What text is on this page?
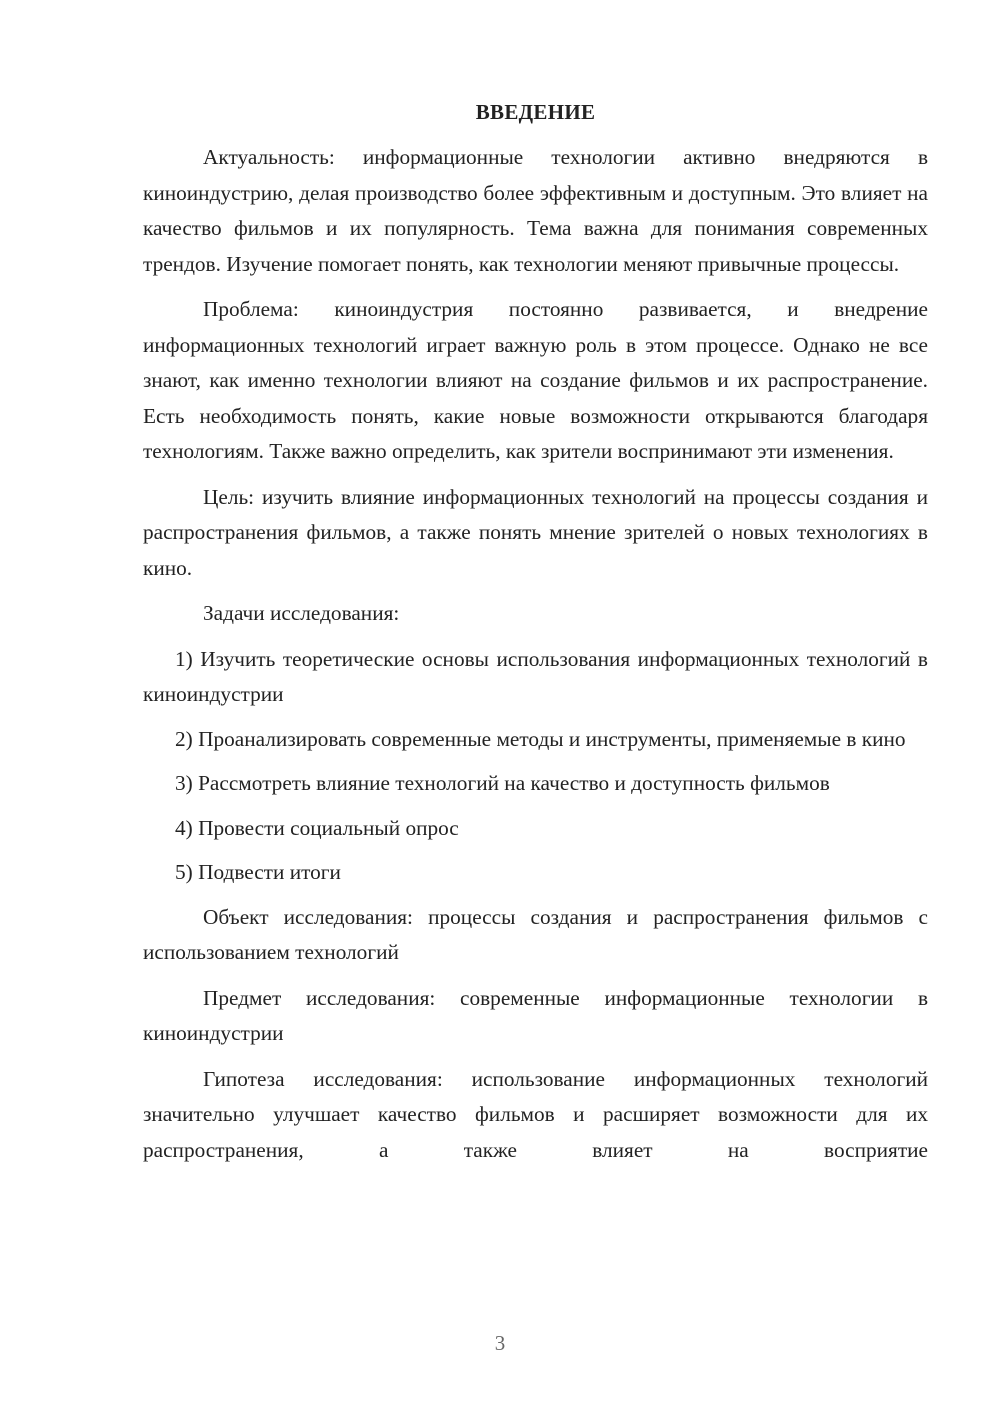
ВВЕДЕНИЕ

Актуальность: информационные технологии активно внедряются в киноиндустрию, делая производство более эффективным и доступным. Это влияет на качество фильмов и их популярность. Тема важна для понимания современных трендов. Изучение помогает понять, как технологии меняют привычные процессы.

Проблема: киноиндустрия постоянно развивается, и внедрение информационных технологий играет важную роль в этом процессе. Однако не все знают, как именно технологии влияют на создание фильмов и их распространение. Есть необходимость понять, какие новые возможности открываются благодаря технологиям. Также важно определить, как зрители воспринимают эти изменения.

Цель: изучить влияние информационных технологий на процессы создания и распространения фильмов, а также понять мнение зрителей о новых технологиях в кино.

Задачи исследования:

1) Изучить теоретические основы использования информационных технологий в киноиндустрии

2) Проанализировать современные методы и инструменты, применяемые в кино

3) Рассмотреть влияние технологий на качество и доступность фильмов

4) Провести социальный опрос

5) Подвести итоги

Объект исследования: процессы создания и распространения фильмов с использованием технологий

Предмет исследования: современные информационные технологии в киноиндустрии

Гипотеза исследования: использование информационных технологий значительно улучшает качество фильмов и расширяет возможности для их распространения, а также влияет на восприятие

3
